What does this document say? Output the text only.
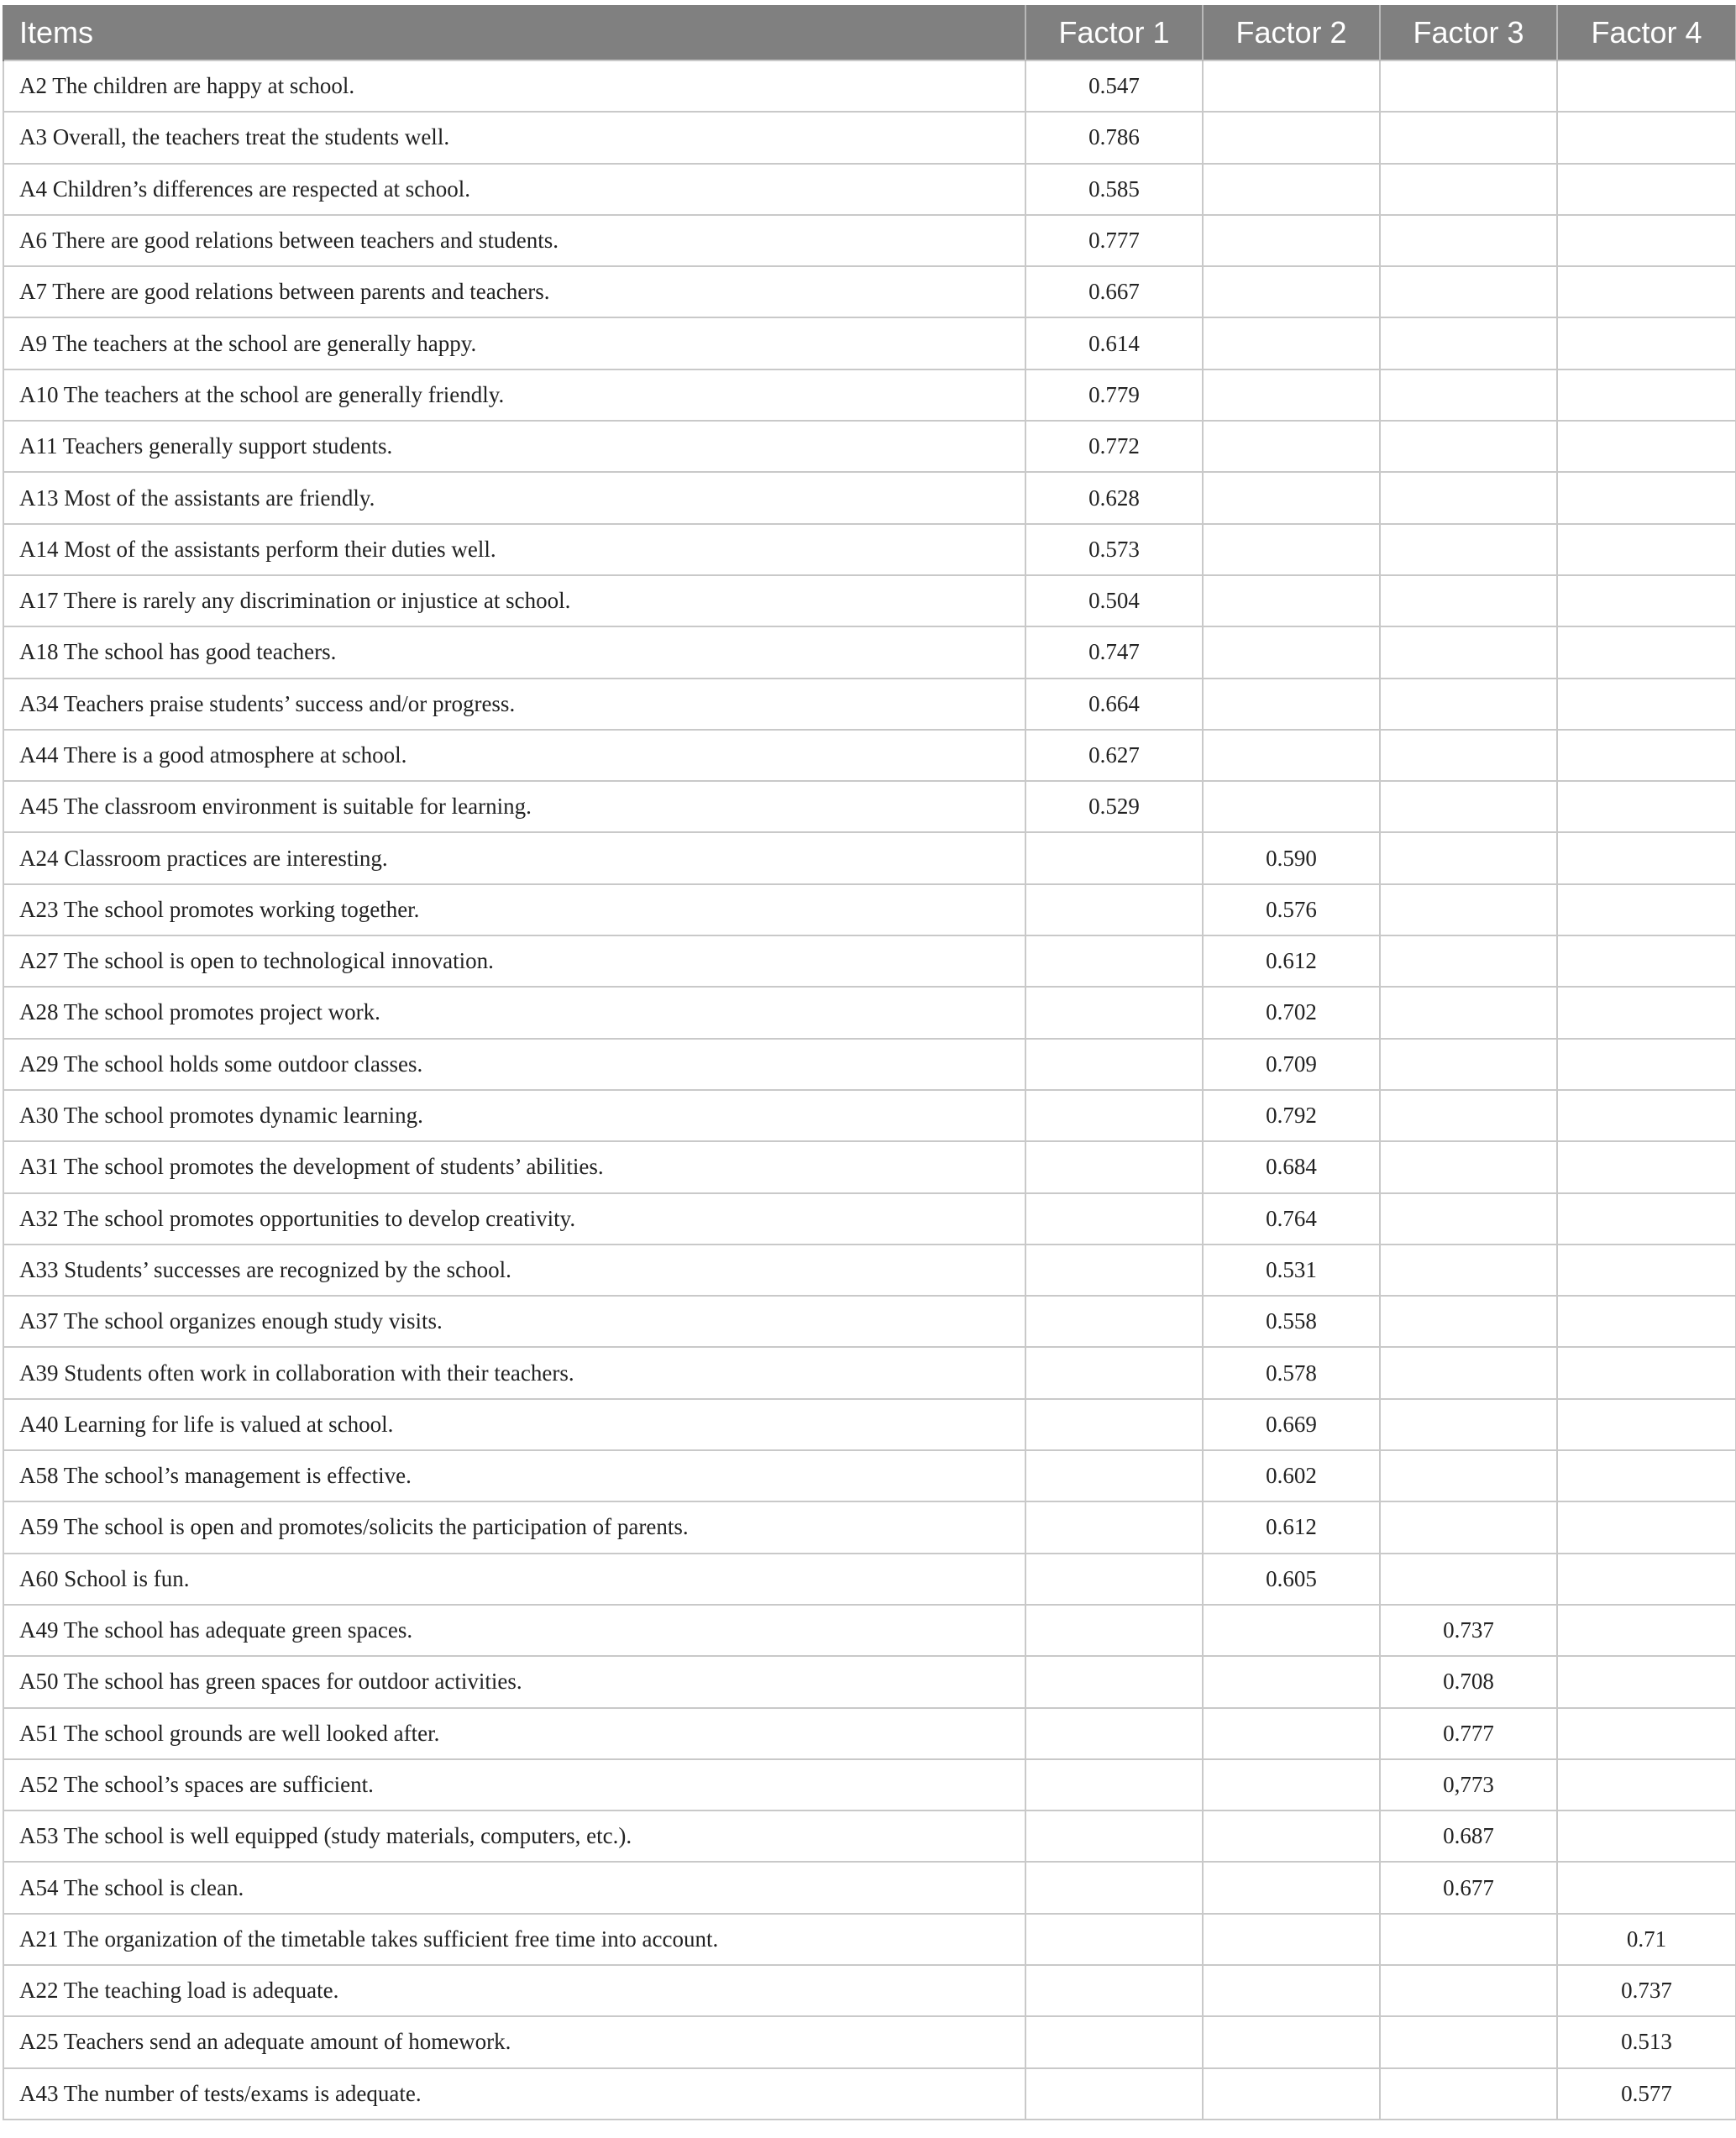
Items	Factor 1	Factor 2	Factor 3	Factor 4
A2 The children are happy at school.	0.547			
A3 Overall, the teachers treat the students well.	0.786			
A4 Children’s differences are respected at school.	0.585			
A6 There are good relations between teachers and students.	0.777			
A7 There are good relations between parents and teachers.	0.667			
A9 The teachers at the school are generally happy.	0.614			
A10 The teachers at the school are generally friendly.	0.779			
A11 Teachers generally support students.	0.772			
A13 Most of the assistants are friendly.	0.628			
A14 Most of the assistants perform their duties well.	0.573			
A17 There is rarely any discrimination or injustice at school.	0.504			
A18 The school has good teachers.	0.747			
A34 Teachers praise students’ success and/or progress.	0.664			
A44 There is a good atmosphere at school.	0.627			
A45 The classroom environment is suitable for learning.	0.529			
A24 Classroom practices are interesting.		0.590		
A23 The school promotes working together.		0.576		
A27 The school is open to technological innovation.		0.612		
A28 The school promotes project work.		0.702		
A29 The school holds some outdoor classes.		0.709		
A30 The school promotes dynamic learning.		0.792		
A31 The school promotes the development of students’ abilities.		0.684		
A32 The school promotes opportunities to develop creativity.		0.764		
A33 Students’ successes are recognized by the school.		0.531		
A37 The school organizes enough study visits.		0.558		
A39 Students often work in collaboration with their teachers.		0.578		
A40 Learning for life is valued at school.		0.669		
A58 The school’s management is effective.		0.602		
A59 The school is open and promotes/solicits the participation of parents.		0.612		
A60 School is fun.		0.605		
A49 The school has adequate green spaces.			0.737	
A50 The school has green spaces for outdoor activities.			0.708	
A51 The school grounds are well looked after.			0.777	
A52 The school’s spaces are sufficient.			0,773	
A53 The school is well equipped (study materials, computers, etc.).			0.687	
A54 The school is clean.			0.677	
A21 The organization of the timetable takes sufficient free time into account.				0.71
A22 The teaching load is adequate.				0.737
A25 Teachers send an adequate amount of homework.				0.513
A43 The number of tests/exams is adequate.				0.577
